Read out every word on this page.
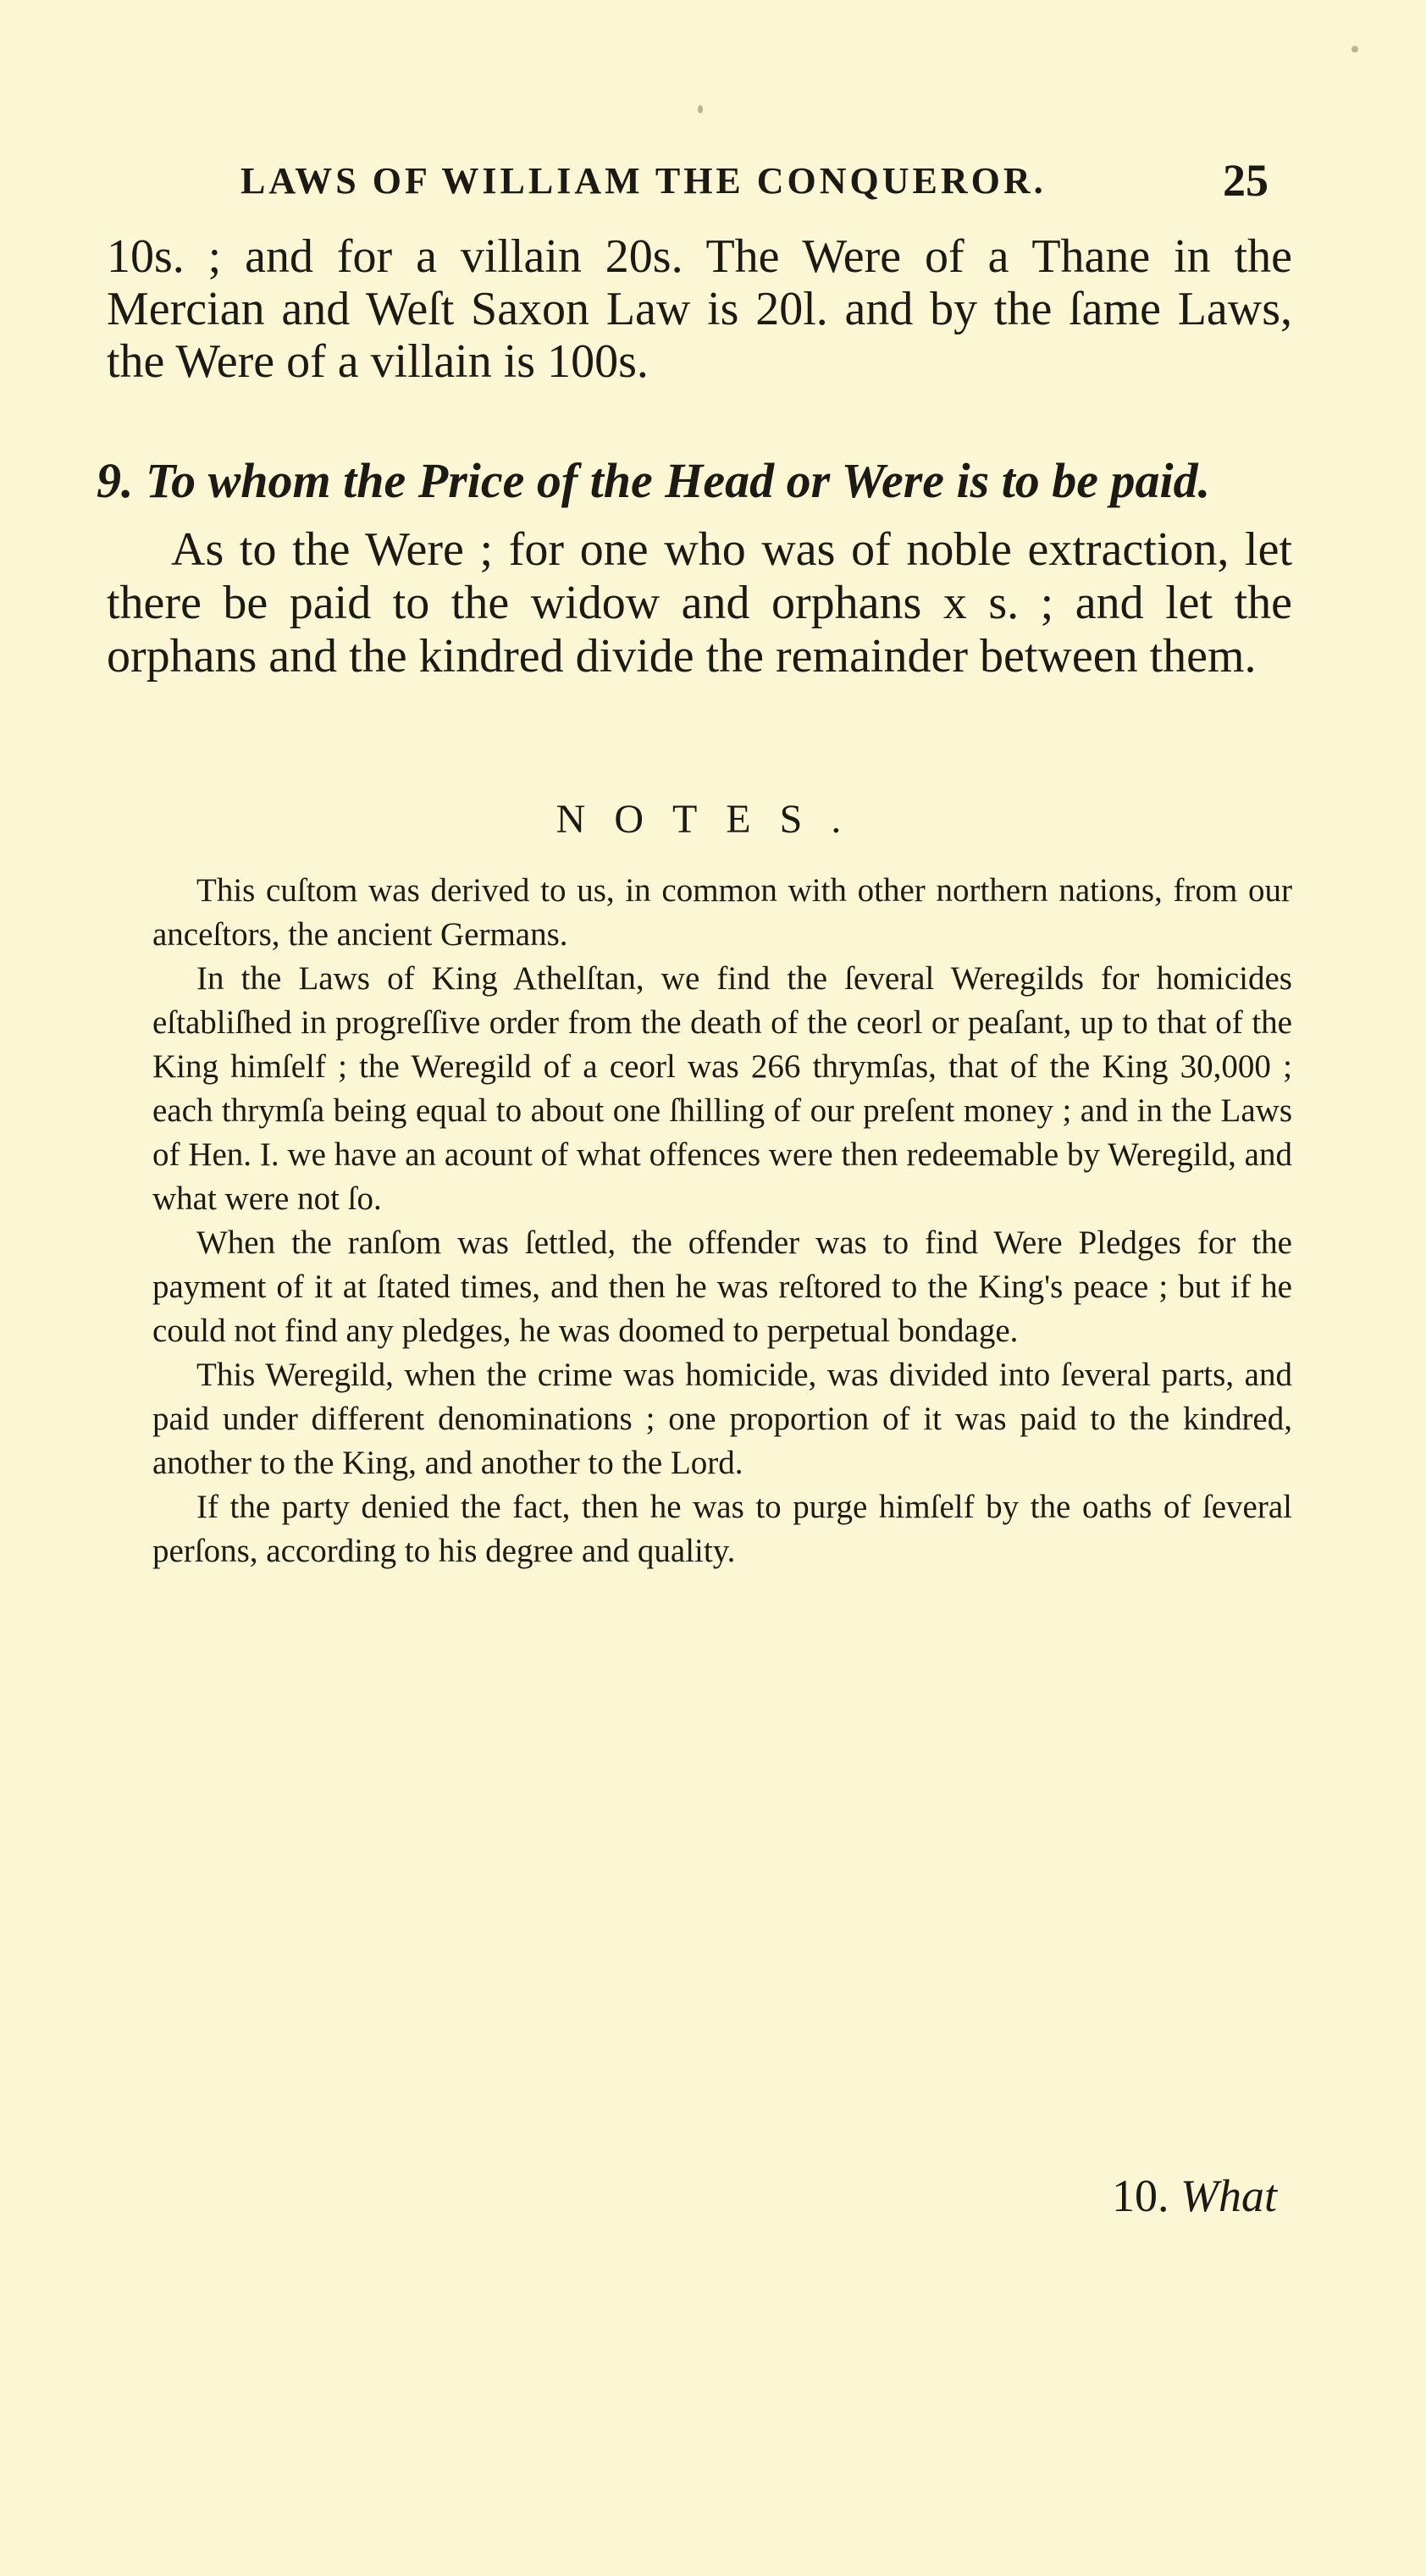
LAWS OF WILLIAM THE CONQUEROR.	25

10s. ; and for a villain 20s. The Were of a Thane in the Mercian and Weſt Saxon Law is 20l. and by the ſame Laws, the Were of a villain is 100s.

9. To whom the Price of the Head or Were is to be paid.

As to the Were ; for one who was of noble extraction, let there be paid to the widow and orphans x s. ; and let the orphans and the kindred divide the remainder between them.

NOTES.

This cuſtom was derived to us, in common with other northern nations, from our anceſtors, the ancient Germans.

In the Laws of King Athelſtan, we find the ſeveral Weregilds for homicides eſtabliſhed in progreſſive order from the death of the ceorl or peaſant, up to that of the King himſelf ; the Weregild of a ceorl was 266 thrymſas, that of the King 30,000 ; each thrymſa being equal to about one ſhilling of our preſent money ; and in the Laws of Hen. I. we have an acount of what offences were then redeemable by Weregild, and what were not ſo.

When the ranſom was ſettled, the offender was to find Were Pledges for the payment of it at ſtated times, and then he was reſtored to the King's peace ; but if he could not find any pledges, he was doomed to perpetual bondage.

This Weregild, when the crime was homicide, was divided into ſeveral parts, and paid under different denominations ; one proportion of it was paid to the kindred, another to the King, and another to the Lord.

If the party denied the fact, then he was to purge himſelf by the oaths of ſeveral perſons, according to his degree and quality.

10. What
